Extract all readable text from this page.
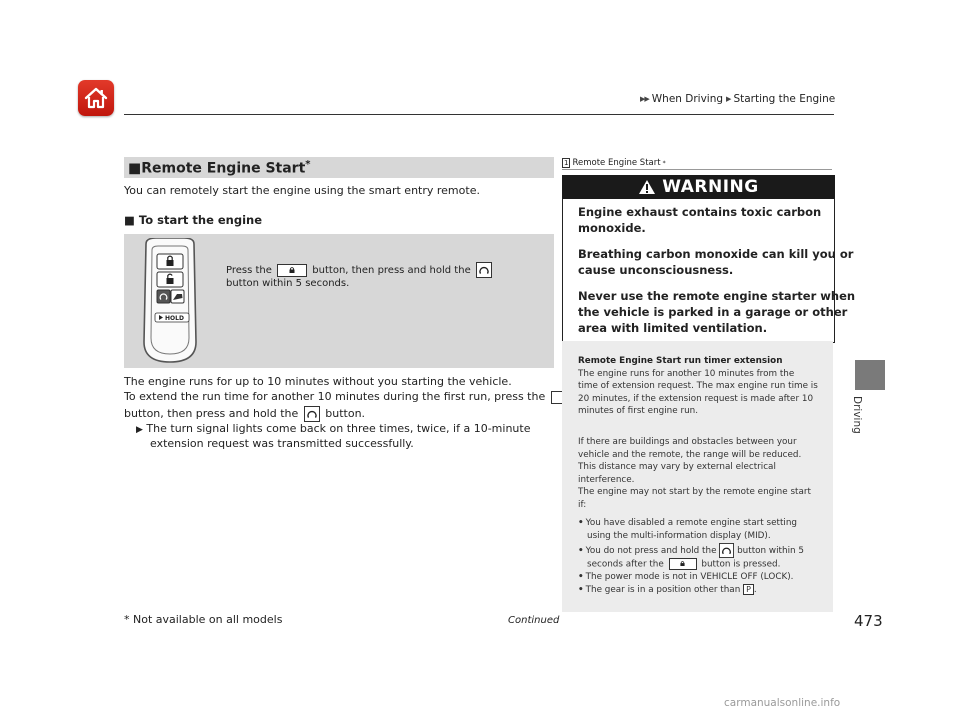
▶▶ When Driving ▶ Starting the Engine
Driving
■Remote Engine Start*
You can remotely start the engine using the smart entry remote.
■ To start the engine
HOLD
Press the	button, then press and hold the
button within 5 seconds.
The engine runs for up to 10 minutes without you starting the vehicle.
To extend the run time for another 10 minutes during the first run, press the
button, then press and hold the button.
▶ The turn signal lights come back on three times, twice, if a 10-minute
extension request was transmitted successfully.
1 Remote Engine Start *
WARNING
Engine exhaust contains toxic carbon
monoxide.
Breathing carbon monoxide can kill you or
cause unconsciousness.
Never use the remote engine starter when
the vehicle is parked in a garage or other
area with limited ventilation.
Remote Engine Start run timer extension
The engine runs for another 10 minutes from the
time of extension request. The max engine run time is
20 minutes, if the extension request is made after 10
minutes of first engine run.
If there are buildings and obstacles between your
vehicle and the remote, the range will be reduced.
This distance may vary by external electrical
interference.
The engine may not start by the remote engine start
if:
• You have disabled a remote engine start setting
using the multi-information display (MID).
• You do not press and hold the button within 5
seconds after the	button is pressed.
• The power mode is not in VEHICLE OFF (LOCK).
• The gear is in a position other than P .
* Not available on all models	Continued	473
carmanualsonline.info
